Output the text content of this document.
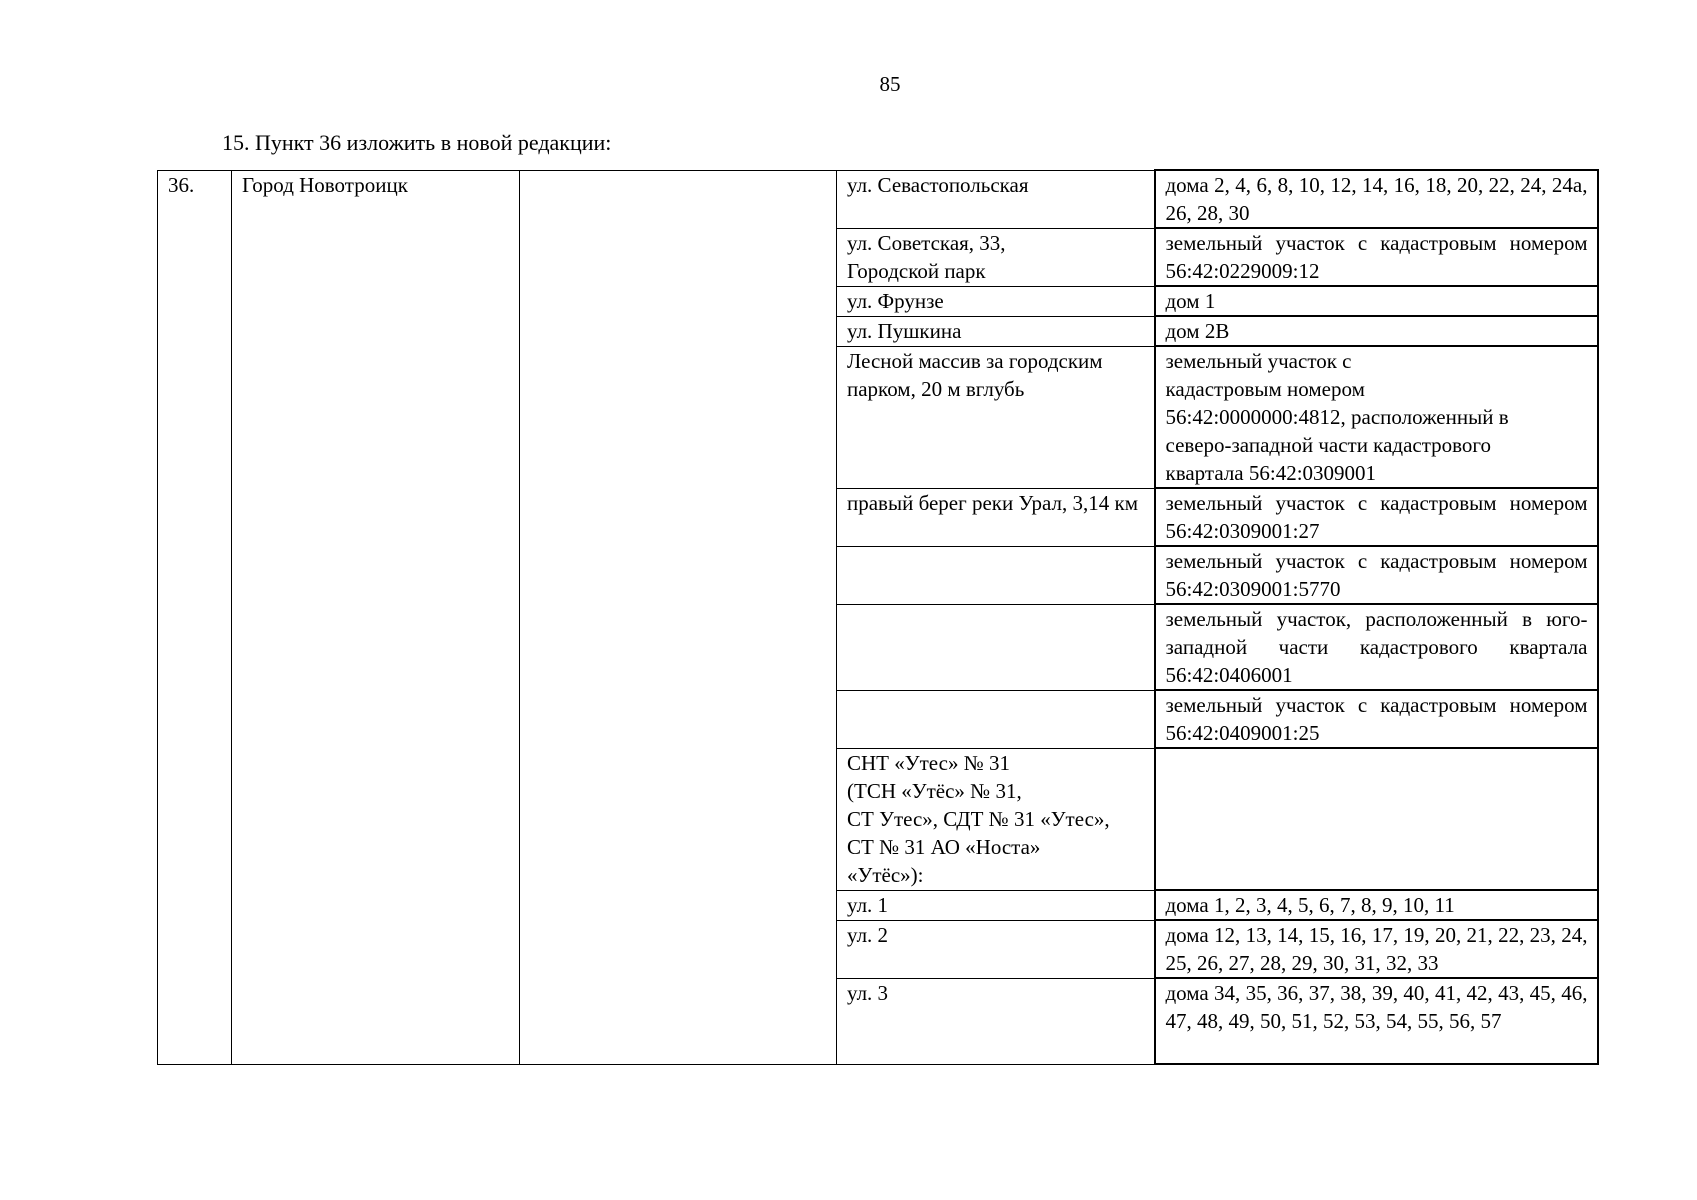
85
15. Пункт 36 изложить в новой редакции:
36.	Город Новотроицк		ул. Севастопольская	дома 2, 4, 6, 8, 10, 12, 14, 16, 18, 20, 22, 24, 24а, 26, 28, 30
			ул. Советская, 33,
Городской парк	земельный участок с кадастровым номером 56:42:0229009:12
			ул. Фрунзе	дом 1
			ул. Пушкина	дом 2В
			Лесной массив за городским парком, 20 м вглубь	земельный участок с
кадастровым номером
56:42:0000000:4812, расположенный в
северо-западной части кадастрового
квартала 56:42:0309001
			правый берег реки Урал, 3,14 км	земельный участок с кадастровым номером 56:42:0309001:27
				земельный участок с кадастровым номером 56:42:0309001:5770
				земельный участок, расположенный в юго-западной части кадастрового квартала 56:42:0406001
				земельный участок с кадастровым номером 56:42:0409001:25
			СНТ «Утес» № 31
(ТСН «Утёс» № 31,
СТ Утес», СДТ № 31 «Утес»,
СТ № 31 АО «Носта»
«Утёс»):	
			ул. 1	дома 1, 2, 3, 4, 5, 6, 7, 8, 9, 10, 11
			ул. 2	дома 12, 13, 14, 15, 16, 17, 19, 20, 21, 22, 23, 24, 25, 26, 27, 28, 29, 30, 31, 32, 33
			ул. 3	дома 34, 35, 36, 37, 38, 39, 40, 41, 42, 43, 45, 46, 47, 48, 49, 50, 51, 52, 53, 54, 55, 56, 57
